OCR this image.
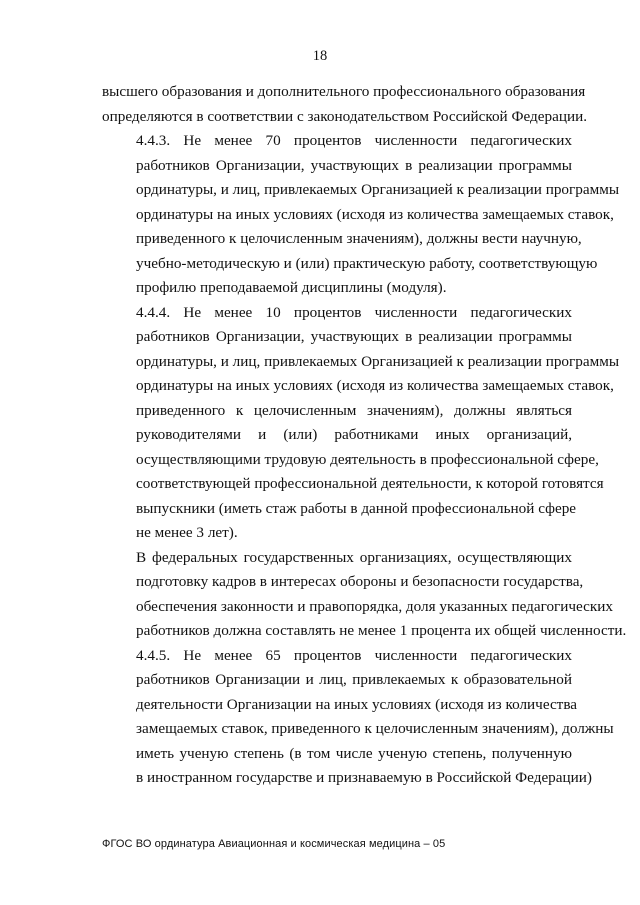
18

высшего образования и дополнительного профессионального образования
определяются в соответствии с законодательством Российской Федерации.

4.4.3. Не менее 70 процентов численности педагогических
работников Организации, участвующих в реализации программы
ординатуры, и лиц, привлекаемых Организацией к реализации программы
ординатуры на иных условиях (исходя из количества замещаемых ставок,
приведенного к целочисленным значениям), должны вести научную,
учебно-методическую и (или) практическую работу, соответствующую
профилю преподаваемой дисциплины (модуля).

4.4.4. Не менее 10 процентов численности педагогических
работников Организации, участвующих в реализации программы
ординатуры, и лиц, привлекаемых Организацией к реализации программы
ординатуры на иных условиях (исходя из количества замещаемых ставок,
приведенного к целочисленным значениям), должны являться
руководителями и (или) работниками иных организаций,
осуществляющими трудовую деятельность в профессиональной сфере,
соответствующей профессиональной деятельности, к которой готовятся
выпускники (иметь стаж работы в данной профессиональной сфере
не менее 3 лет).

В федеральных государственных организациях, осуществляющих
подготовку кадров в интересах обороны и безопасности государства,
обеспечения законности и правопорядка, доля указанных педагогических
работников должна составлять не менее 1 процента их общей численности.

4.4.5. Не менее 65 процентов численности педагогических
работников Организации и лиц, привлекаемых к образовательной
деятельности Организации на иных условиях (исходя из количества
замещаемых ставок, приведенного к целочисленным значениям), должны
иметь ученую степень (в том числе ученую степень, полученную
в иностранном государстве и признаваемую в Российской Федерации)

ФГОС ВО ординатура Авиационная и космическая медицина – 05
